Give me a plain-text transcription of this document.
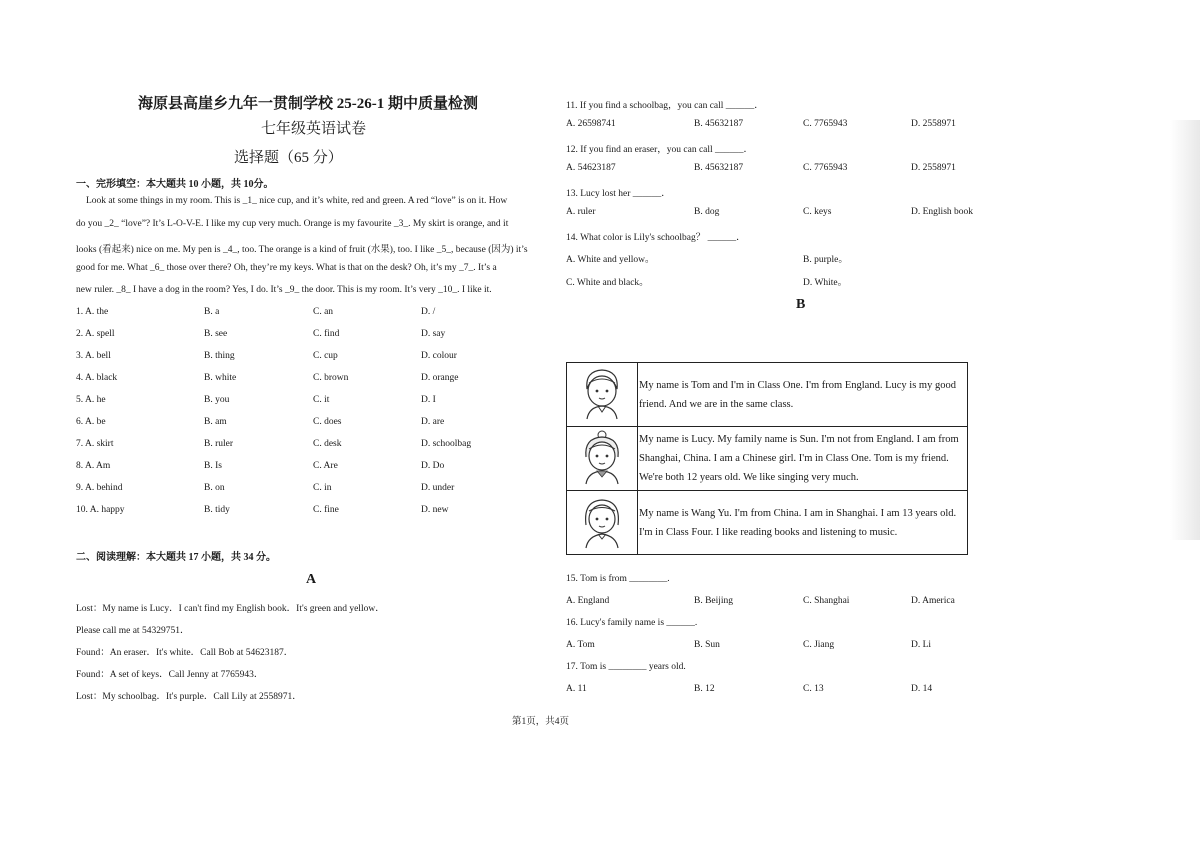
海原县高崖乡九年一贯制学校 25-26-1 期中质量检测
七年级英语试卷
选择题（65 分）
一、完形填空：本大题共 10 小题，共 10分。
Look at some things in my room. This is _1_ nice cup, and it’s white, red and green. A red “love” is on it. How
do you _2_ “love”? It’s L-O-V-E. I like my cup very much. Orange is my favourite _3_. My skirt is orange, and it
looks (看起来) nice on me. My pen is _4_, too. The orange is a kind of fruit (水果), too. I like _5_, because (因为) it’s
good for me. What _6_ those over there? Oh, they’re my keys. What is that on the desk? Oh, it’s my _7_. It’s a
new ruler. _8_ I have a dog in the room? Yes, I do. It’s _9_ the door. This is my room. It’s very _10_. I like it.
1. A. the	B. a	C. an	D. /
2. A. spell	B. see	C. find	D. say
3. A. bell	B. thing	C. cup	D. colour
4. A. black	B. white	C. brown	D. orange
5. A. he	B. you	C. it	D. I
6. A. be	B. am	C. does	D. are
7. A. skirt	B. ruler	C. desk	D. schoolbag
8. A. Am	B. Is	C. Are	D. Do
9. A. behind	B. on	C. in	D. under
10. A. happy	B. tidy	C. fine	D. new
二、阅读理解：本大题共 17 小题，共 34 分。
A
Lost：My name is Lucy．I can't find my English book．It's green and yellow．
Please call me at 54329751．
Found：An eraser．It's white．Call Bob at 54623187．
Found：A set of keys．Call Jenny at 7765943．
Lost：My schoolbag．It's purple．Call Lily at 2558971．
11. If you find a schoolbag，you can call ______．
A. 26598741	B. 45632187	C. 7765943	D. 2558971
12. If you find an eraser，you can call ______．
A. 54623187	B. 45632187	C. 7765943	D. 2558971
13. Lucy lost her ______．
A. ruler	B. dog	C. keys	D. English book
14. What color is Lily's schoolbag？ ______．
A. White and yellow。	B. purple。
C. White and black。	D. White。
B
	My name is Tom and I'm in Class One. I'm from England. Lucy is my good friend. And we are in the same class.
	My name is Lucy. My family name is Sun. I'm not from England. I am from Shanghai, China. I am a Chinese girl. I'm in Class One. Tom is my friend. We're both 12 years old. We like singing very much.
	My name is Wang Yu. I'm from China. I am in Shanghai. I am 13 years old. I'm in Class Four. I like reading books and listening to music.
15. Tom is from ________.
A. England	B. Beijing	C. Shanghai	D. America
16. Lucy's family name is ______.
A. Tom	B. Sun	C. Jiang	D. Li
17. Tom is ________ years old.
A. 11	B. 12	C. 13	D. 14
第1页，共4页
